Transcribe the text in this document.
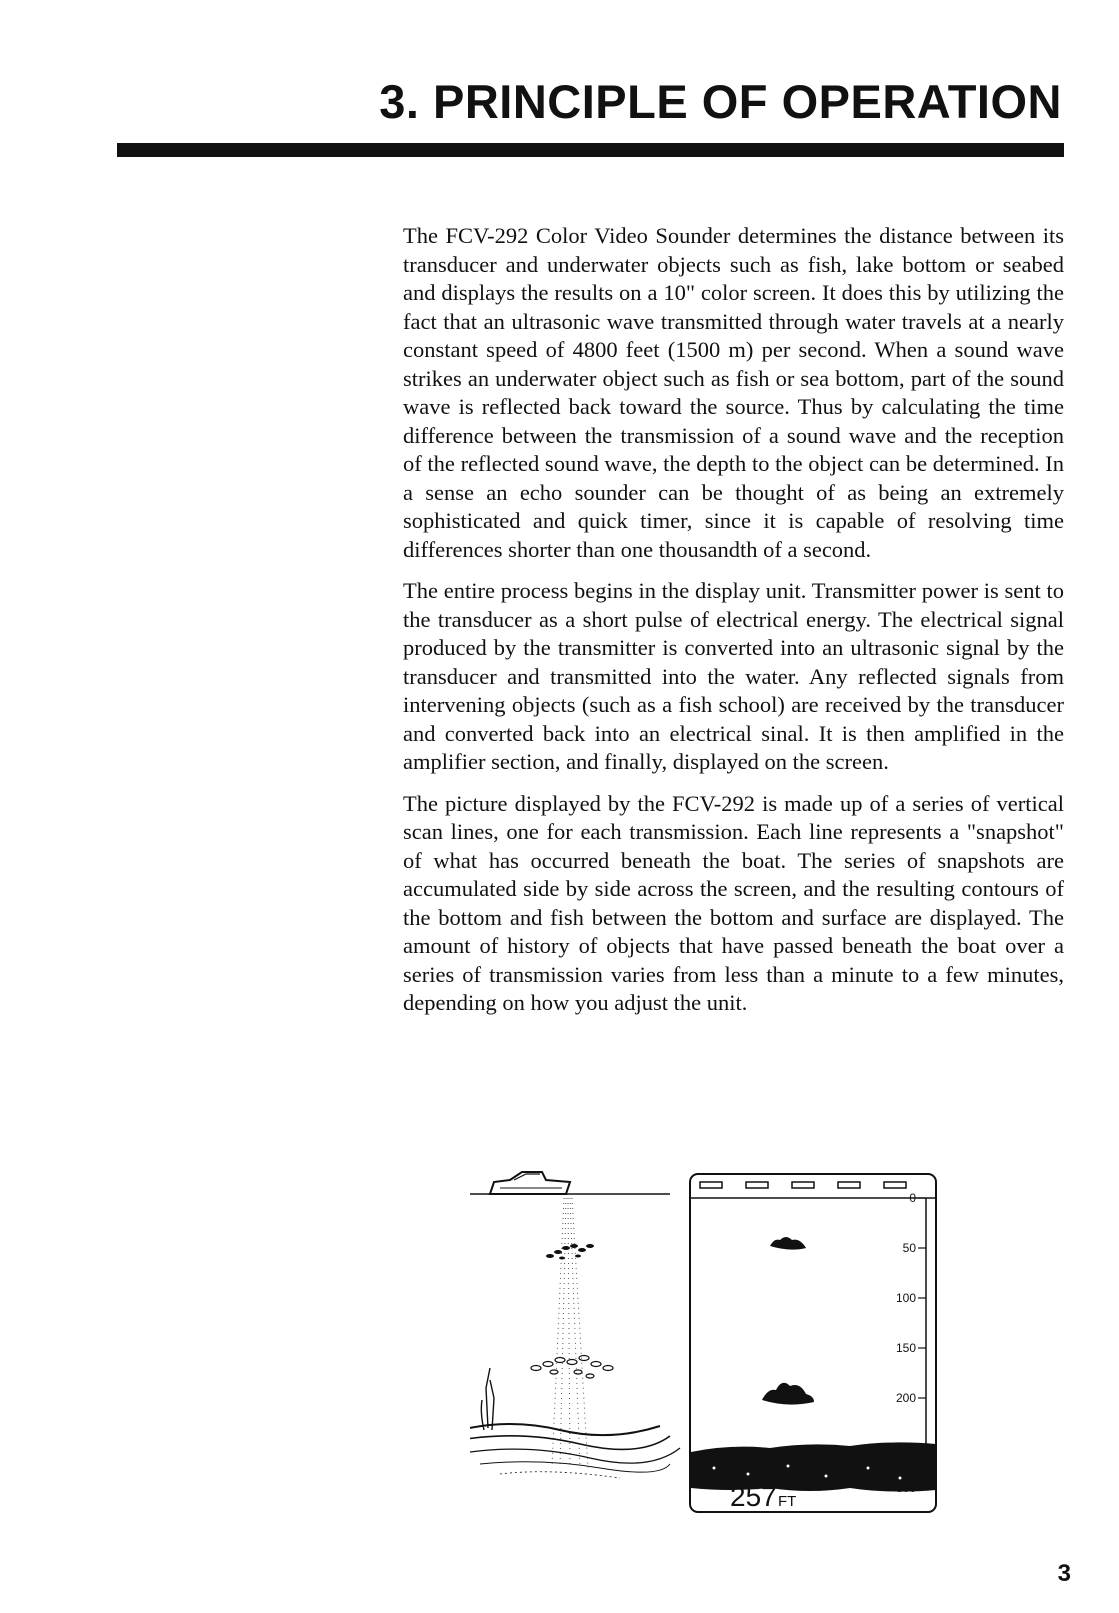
3. PRINCIPLE OF OPERATION

The FCV-292 Color Video Sounder determines the distance between its transducer and underwater objects such as fish, lake bottom or seabed and displays the results on a 10" color screen. It does this by utilizing the fact that an ultrasonic wave transmitted through water travels at a nearly constant speed of 4800 feet (1500 m) per second. When a sound wave strikes an underwater object such as fish or sea bottom, part of the sound wave is reflected back toward the source. Thus by calculating the time difference between the transmission of a sound wave and the reception of the reflected sound wave, the depth to the object can be determined. In a sense an echo sounder can be thought of as being an extremely sophisticated and quick timer, since it is capable of resolving time differences shorter than one thousandth of a second.

The entire process begins in the display unit. Transmitter power is sent to the transducer as a short pulse of electrical energy. The electrical signal produced by the transmitter is converted into an ultrasonic signal by the transducer and transmitted into the water. Any reflected signals from intervening objects (such as a fish school) are received by the transducer and converted back into an electrical sinal. It is then amplified in the amplifier section, and finally, displayed on the screen.

The picture displayed by the FCV-292 is made up of a series of vertical scan lines, one for each transmission. Each line represents a "snapshot" of what has occurred beneath the boat. The series of snapshots are accumulated side by side across the screen, and the resulting contours of the bottom and fish between the bottom and surface are displayed. The amount of history of objects that have passed beneath the boat over a series of transmission varies from less than a minute to a few minutes, depending on how you adjust the unit.

0
50
100
150
200
257 FT
3
